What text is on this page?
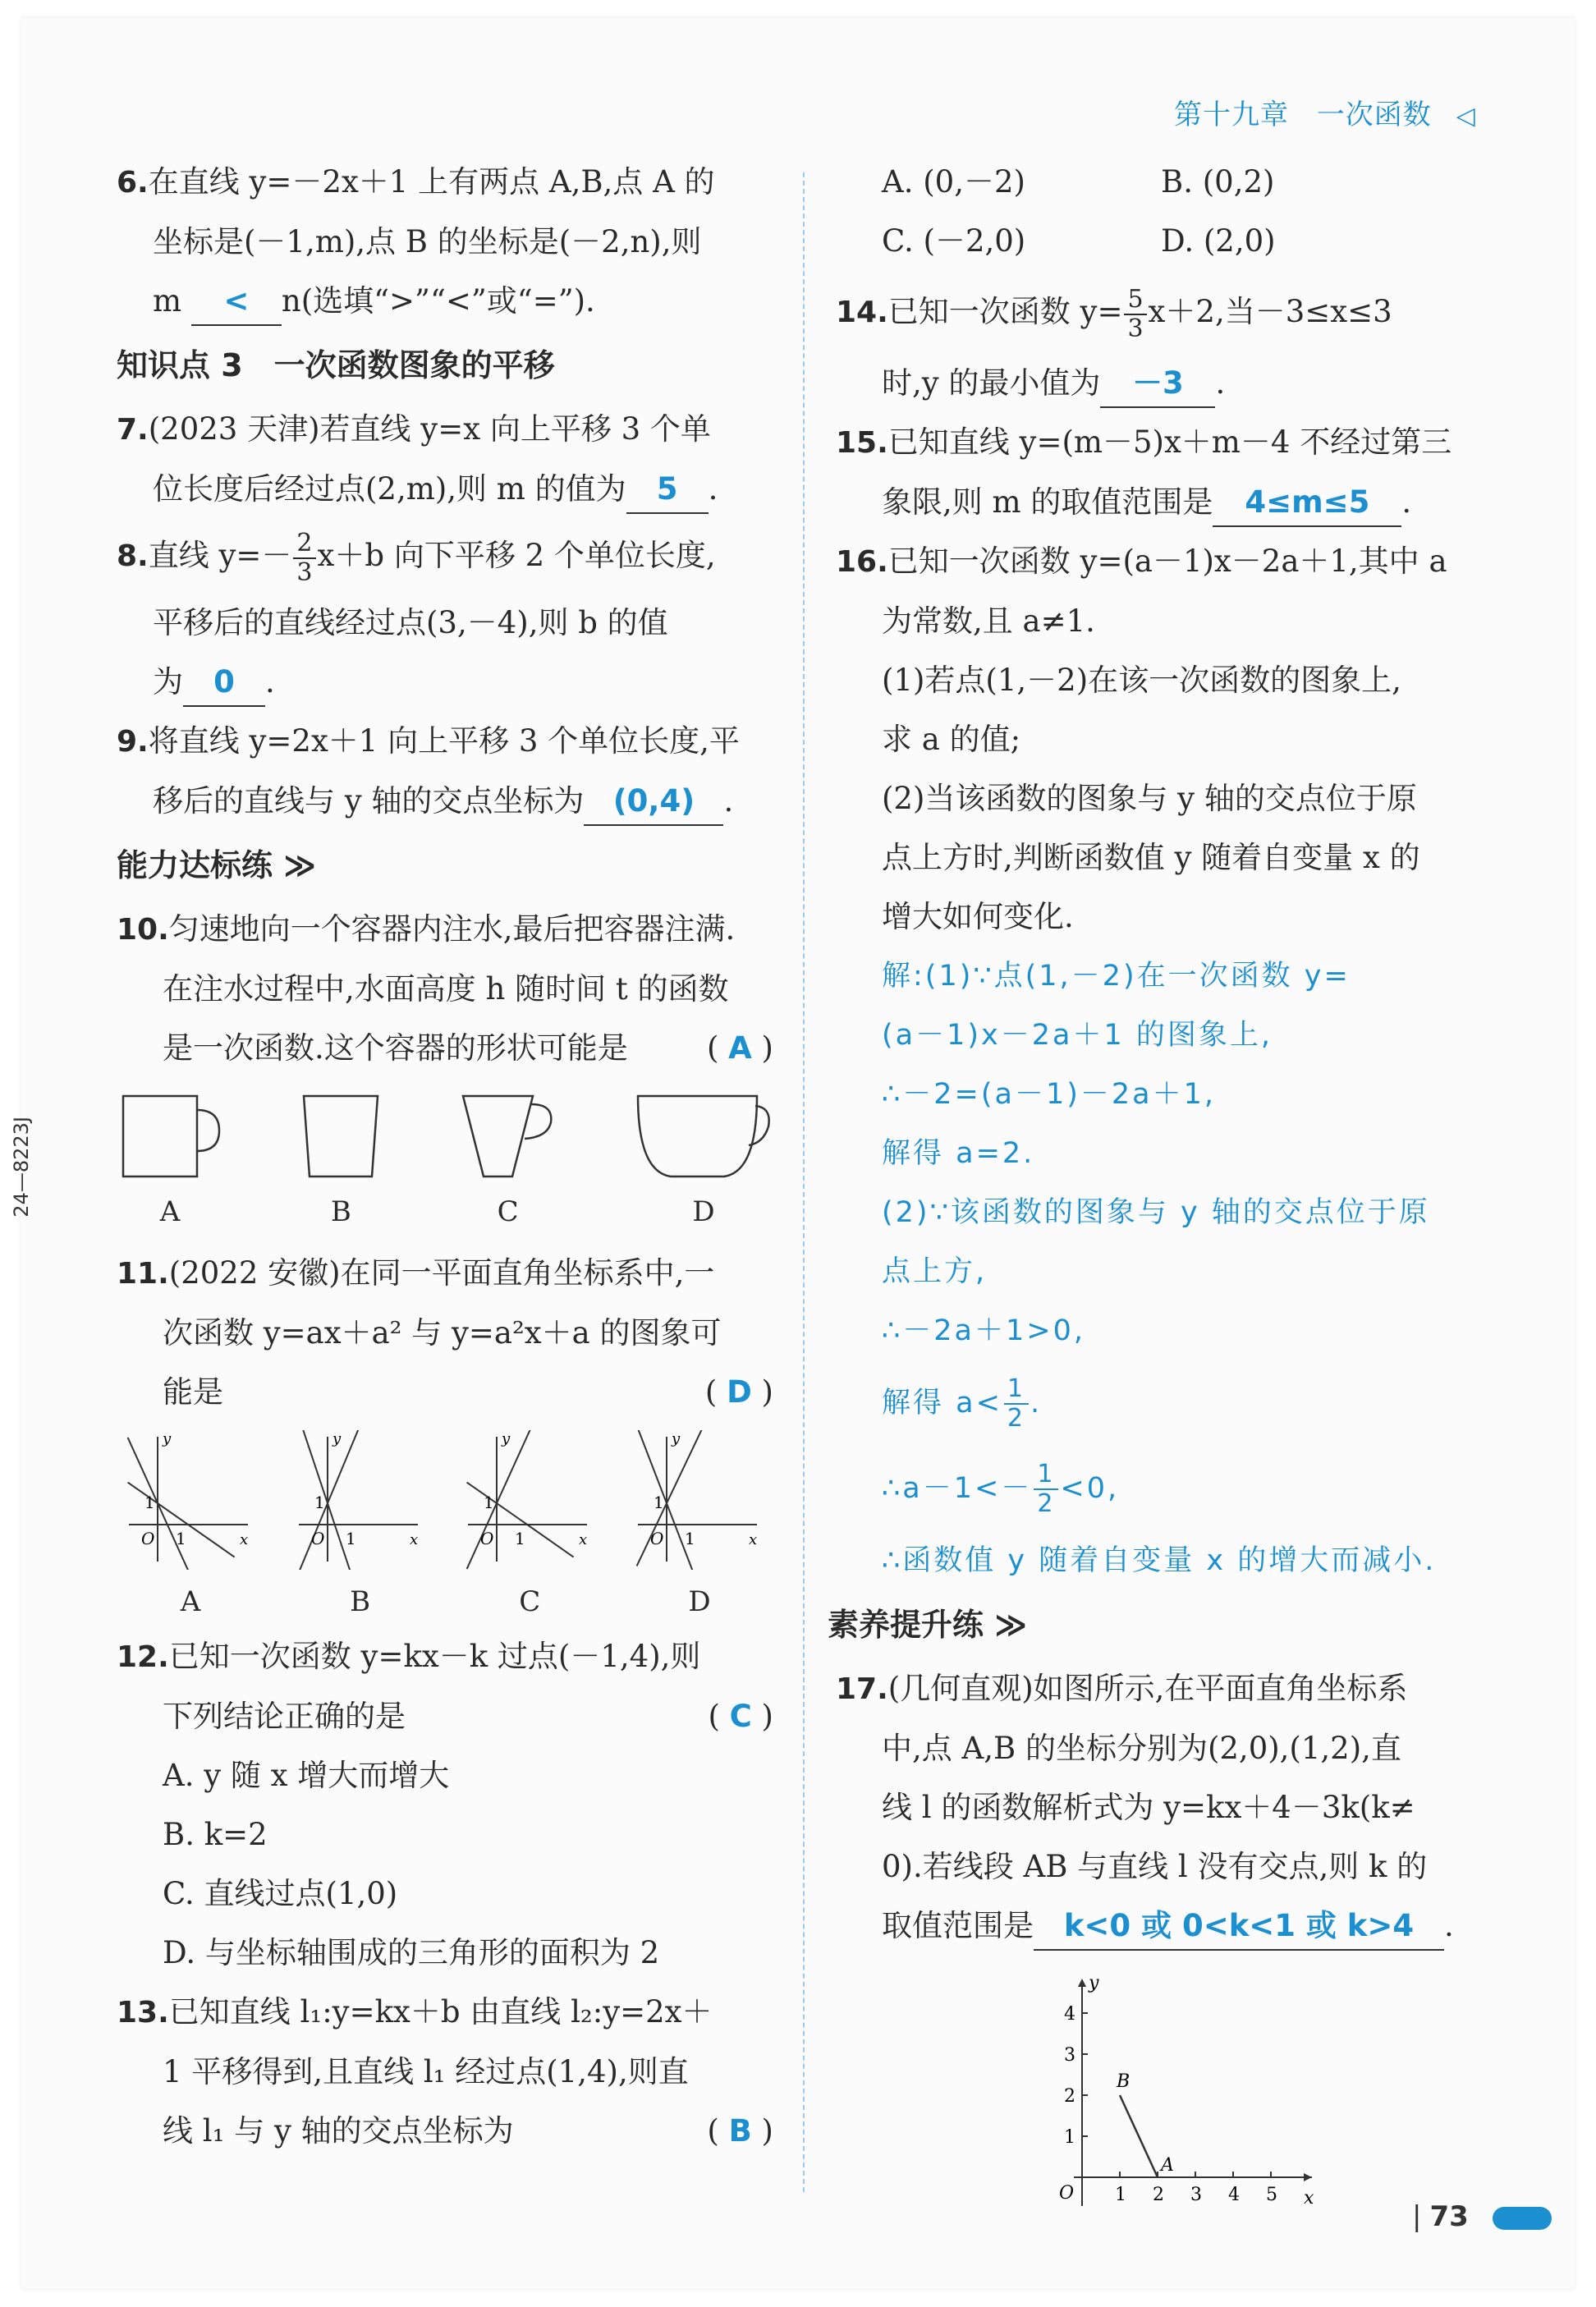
第十九章 一次函数 ◁
24—8223J
6.在直线 y=－2x＋1 上有两点 A,B,点 A 的
坐标是(－1,m),点 B 的坐标是(－2,n),则
m < n(选填“>”“<”或“=”).
知识点 3　一次函数图象的平移
7.(2023 天津)若直线 y=x 向上平移 3 个单
位长度后经过点(2,m),则 m 的值为 5 .
8.直线 $y=- \frac{2}{3} x+b$ 向下平移 2 个单位长度,
平移后的直线经过点(3,－4),则 b 的值
为 0 .
9.将直线 y=2x＋1 向上平移 3 个单位长度,平
移后的直线与 y 轴的交点坐标为 (0,4) .
能力达标练 ≫
10.匀速地向一个容器内注水,最后把容器注满.
在注水过程中,水面高度 h 随时间 t 的函数
是一次函数.这个容器的形状可能是	( A )
A	B	C	D
11.(2022 安徽)在同一平面直角坐标系中,一
次函数 y=ax＋a² 与 y=a²x＋a 的图象可
能是	( D )
y
x
O
1
1
A
y
x
O
1
1
B
y
x
O
1
1
C
y
x
O
1
1
D
12.已知一次函数 y=kx－k 过点(－1,4),则
下列结论正确的是	( C )
A. y 随 x 增大而增大
B. k=2
C. 直线过点(1,0)
D. 与坐标轴围成的三角形的面积为 2
13.已知直线 l₁:y=kx＋b 由直线 l₂:y=2x＋
1 平移得到,且直线 l₁ 经过点(1,4),则直
线 l₁ 与 y 轴的交点坐标为	( B )
A. (0,－2)	B. (0,2)
C. (－2,0)	D. (2,0)
14.已知一次函数 $y= \frac{5}{3} x+2$,当－3≤x≤3
时,y 的最小值为 －3 .
15.已知直线 y=(m－5)x＋m－4 不经过第三
象限,则 m 的取值范围是 4≤m≤5 .
16.已知一次函数 y=(a－1)x－2a＋1,其中 a
为常数,且 a≠1.
(1)若点(1,－2)在该一次函数的图象上,
求 a 的值;
(2)当该函数的图象与 y 轴的交点位于原
点上方时,判断函数值 y 随着自变量 x 的
增大如何变化.
解:(1)∵点(1,－2)在一次函数 y=
(a－1)x－2a＋1 的图象上,
∴－2=(a－1)－2a＋1,
解得 a=2.
(2)∵该函数的图象与 y 轴的交点位于原
点上方,
∴－2a＋1>0,
解得 $a< \frac{1}{2}$ .
∴a－1<－ $\frac{1}{2} <0$,
∴函数值 y 随着自变量 x 的增大而减小.
素养提升练 ≫
17.(几何直观)如图所示,在平面直角坐标系
中,点 A,B 的坐标分别为(2,0),(1,2),直
线 l 的函数解析式为 y=kx＋4－3k(k≠
0).若线段 AB 与直线 l 没有交点,则 k 的
取值范围是 k<0 或 0<k<1 或 k>4 .
1 2 3 4 5
1
2
3
4
y
x
O
B
A
| 73
